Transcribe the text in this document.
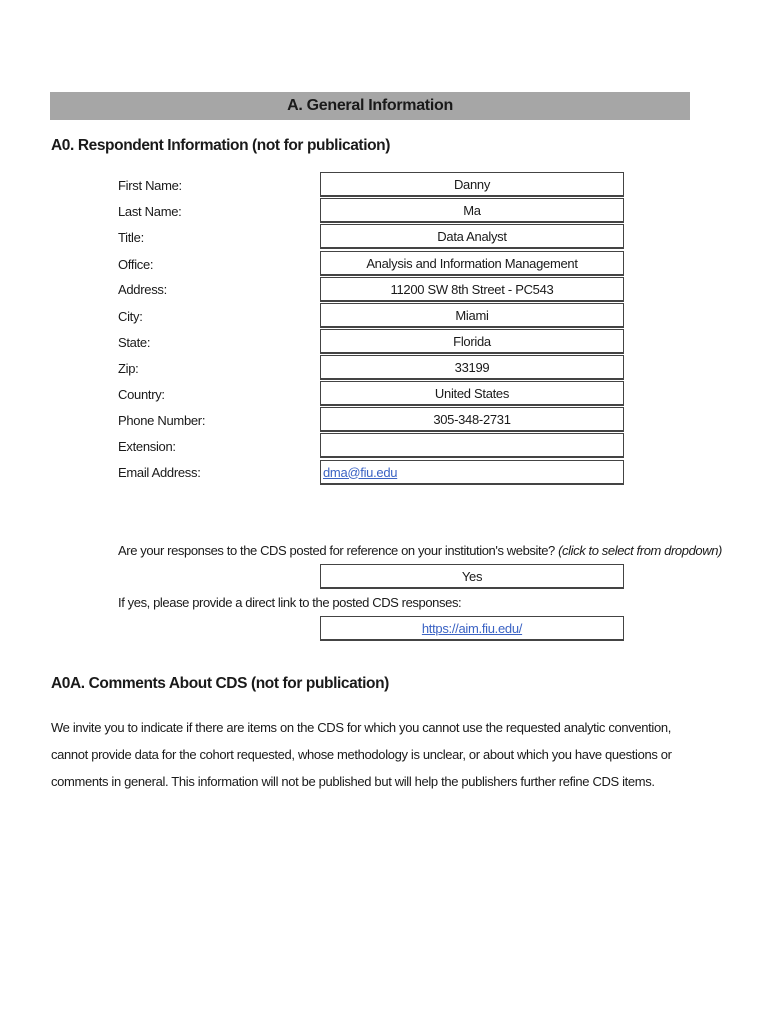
A. General Information
A0. Respondent Information (not for publication)
First Name:
Last Name:
Title:
Office:
Address:
City:
State:
Zip:
Country:
Phone Number:
Extension:
Email Address:
Danny
Ma
Data Analyst
Analysis and Information Management
11200 SW 8th Street - PC543
Miami
Florida
33199
United States
305-348-2731
dma@fiu.edu
Are your responses to the CDS posted for reference on your institution's website? (click to select from dropdown)
Yes
If yes, please provide a direct link to the posted CDS responses:
https://aim.fiu.edu/
A0A. Comments About CDS (not for publication)
We invite you to indicate if there are items on the CDS for which you cannot use the requested analytic convention,
cannot provide data for the cohort requested, whose methodology is unclear, or about which you have questions or
comments in general. This information will not be published but will help the publishers further refine CDS items.
